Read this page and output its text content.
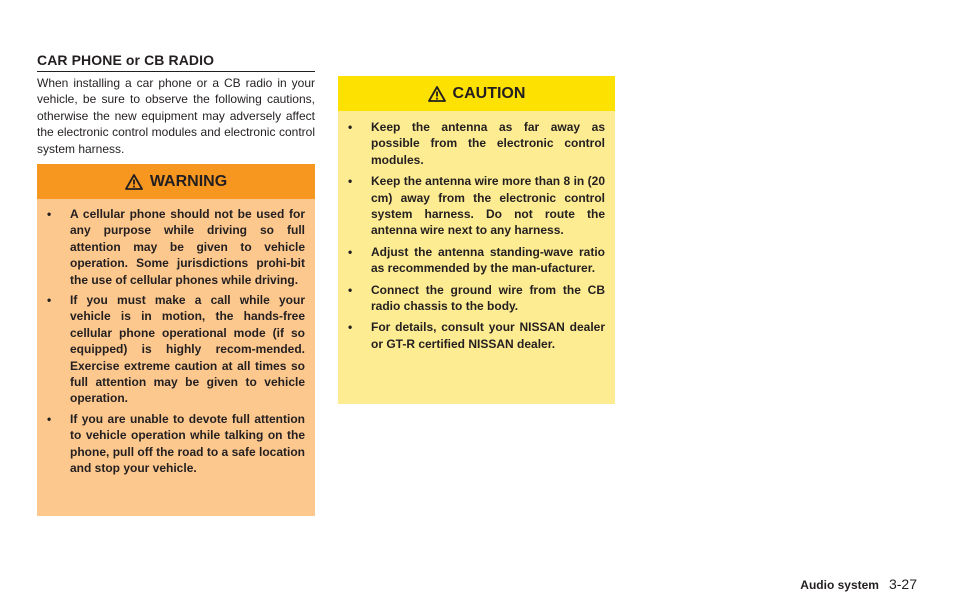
CAR PHONE or CB RADIO
When installing a car phone or a CB radio in your vehicle, be sure to observe the following cautions, otherwise the new equipment may adversely affect the electronic control modules and electronic control system harness.
WARNING
• A cellular phone should not be used for any purpose while driving so full attention may be given to vehicle operation. Some jurisdictions prohi-bit the use of cellular phones while driving.
• If you must make a call while your vehicle is in motion, the hands-free cellular phone operational mode (if so equipped) is highly recom-mended. Exercise extreme caution at all times so full attention may be given to vehicle operation.
• If you are unable to devote full attention to vehicle operation while talking on the phone, pull off the road to a safe location and stop your vehicle.
CAUTION
• Keep the antenna as far away as possible from the electronic control modules.
• Keep the antenna wire more than 8 in (20 cm) away from the electronic control system harness. Do not route the antenna wire next to any harness.
• Adjust the antenna standing-wave ratio as recommended by the man-ufacturer.
• Connect the ground wire from the CB radio chassis to the body.
• For details, consult your NISSAN dealer or GT-R certified NISSAN dealer.
Audio system 3-27
